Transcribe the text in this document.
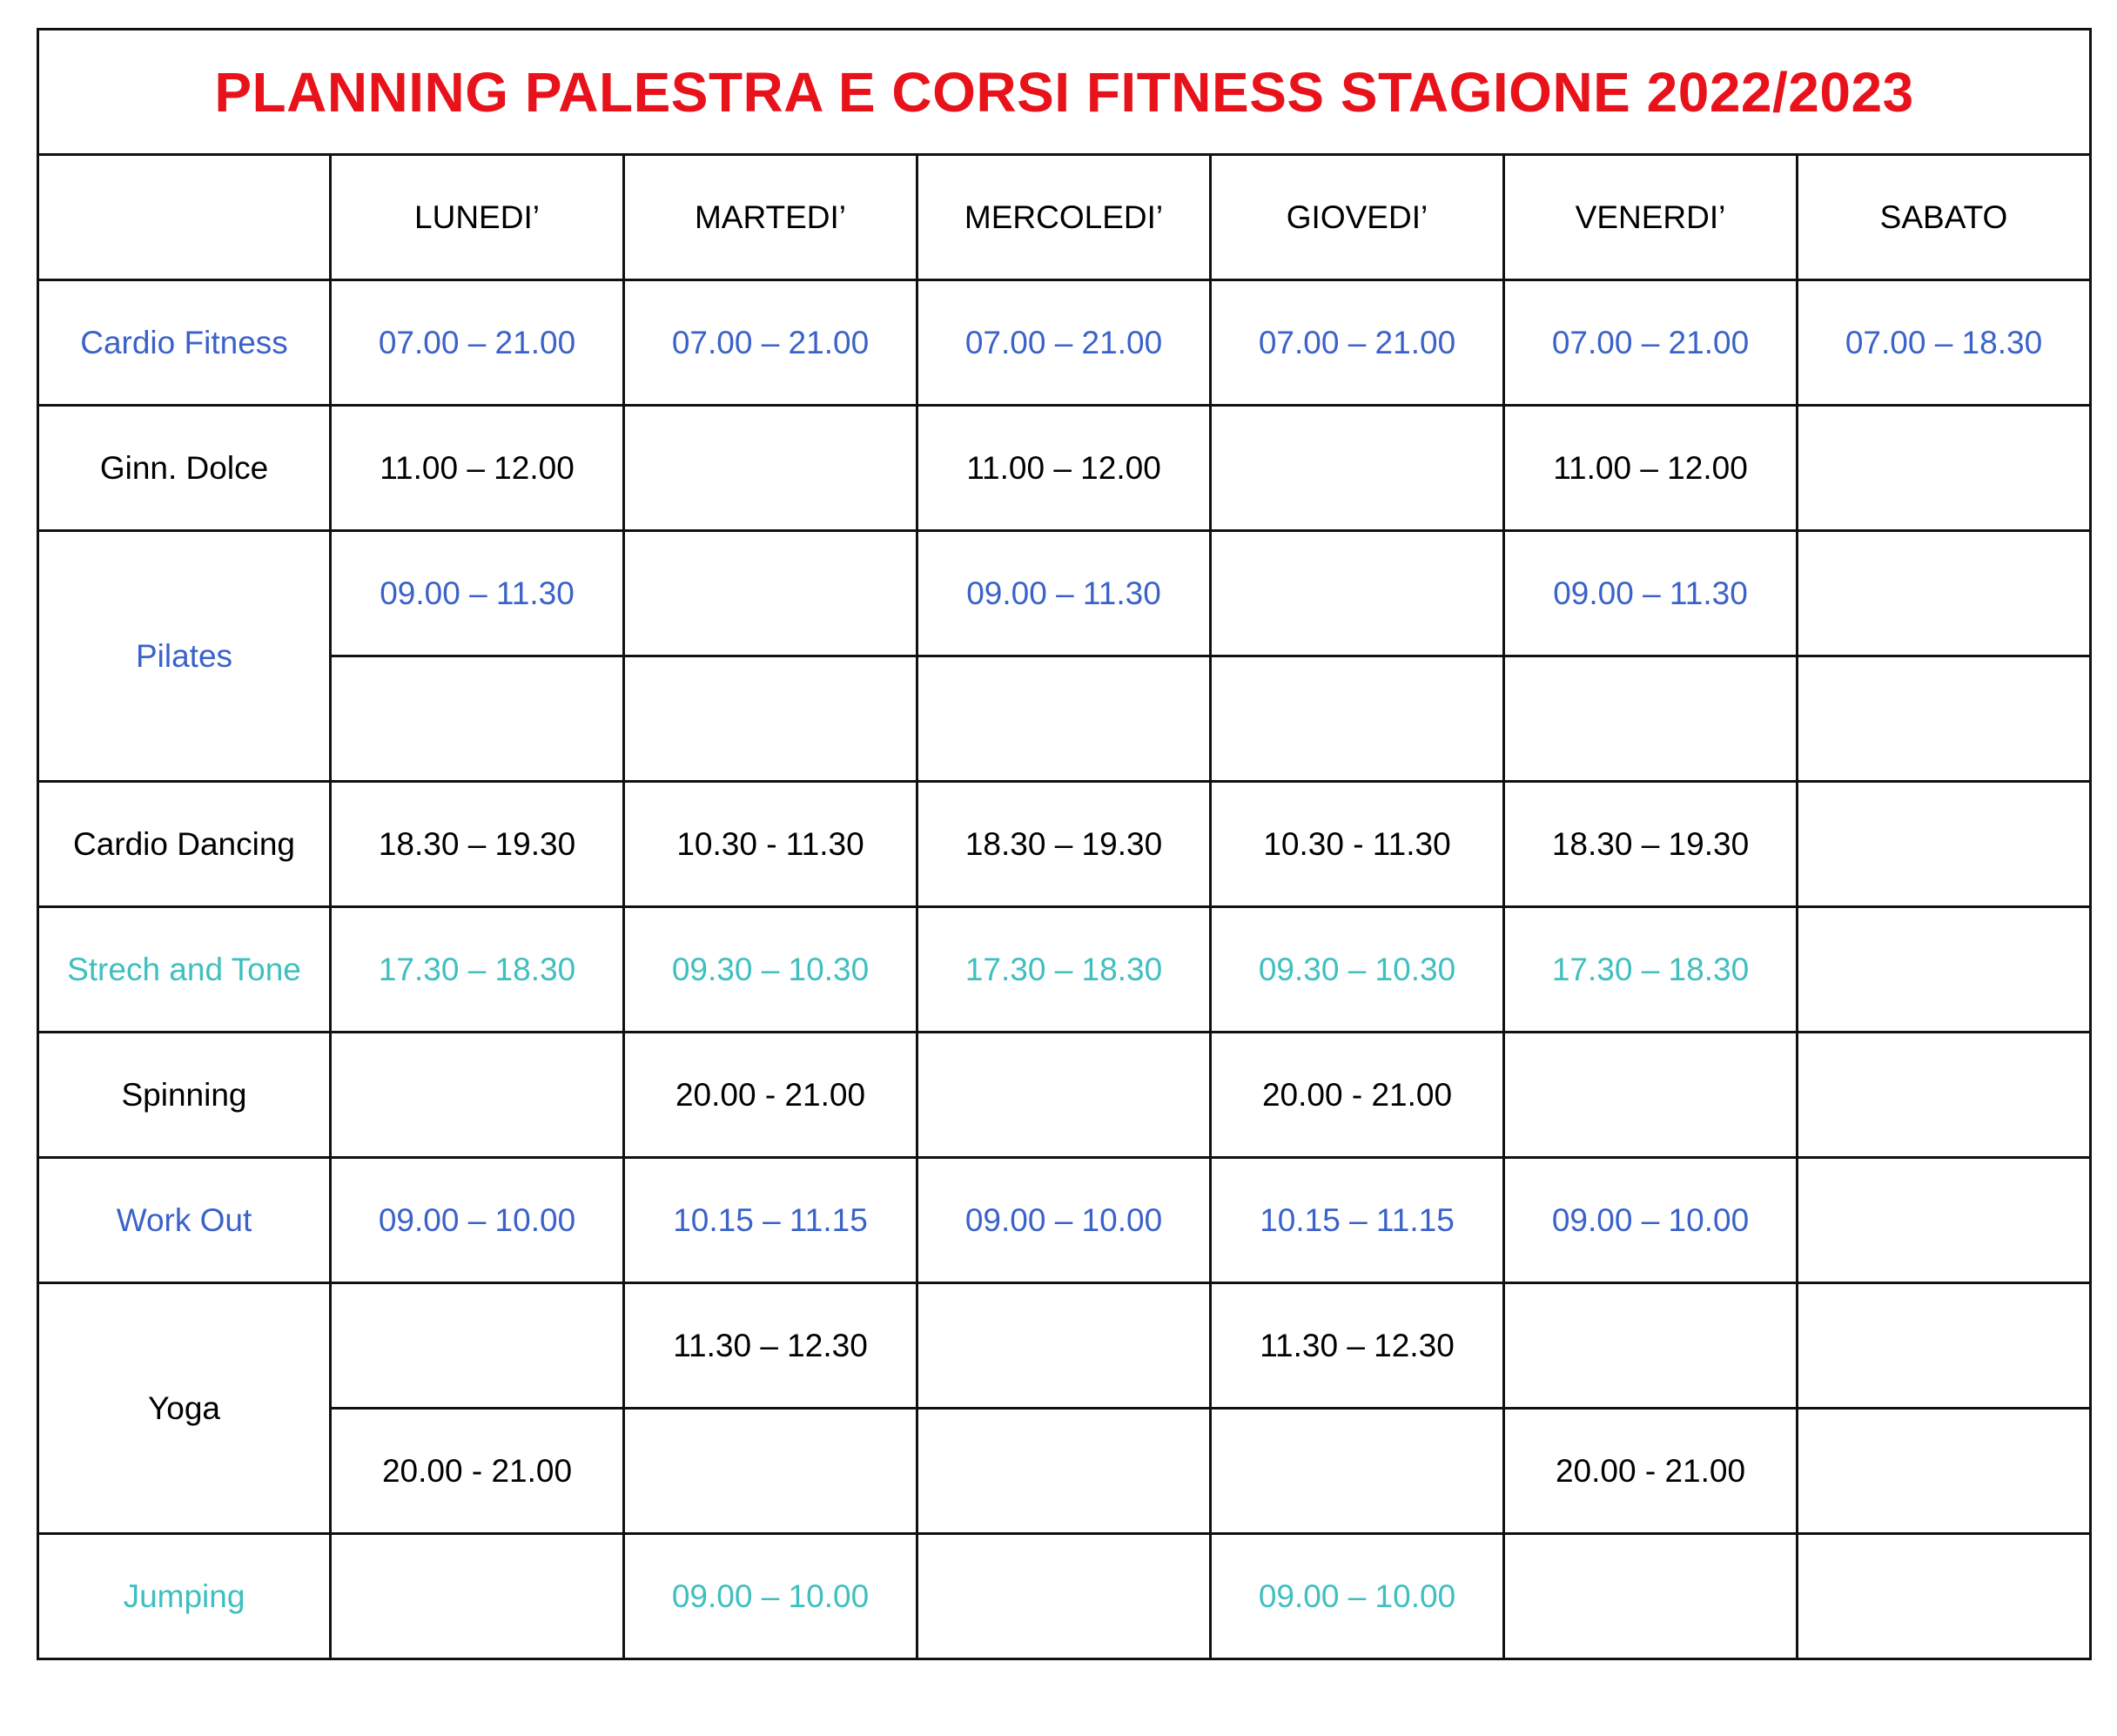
PLANNING PALESTRA E CORSI FITNESS STAGIONE 2022/2023						
	LUNEDI’	MARTEDI’	MERCOLEDI’	GIOVEDI’	VENERDI’	SABATO
Cardio Fitness	07.00 – 21.00	07.00 – 21.00	07.00 – 21.00	07.00 – 21.00	07.00 – 21.00	07.00 – 18.30
Ginn. Dolce	11.00 – 12.00		11.00 – 12.00		11.00 – 12.00	
Pilates	09.00 – 11.30		09.00 – 11.30		09.00 – 11.30	

Cardio Dancing	18.30 – 19.30	10.30 - 11.30	18.30 – 19.30	10.30 - 11.30	18.30 – 19.30	
Strech and Tone	17.30 – 18.30	09.30 – 10.30	17.30 – 18.30	09.30 – 10.30	17.30 – 18.30	
Spinning		20.00 - 21.00		20.00 - 21.00		
Work Out	09.00 – 10.00	10.15 – 11.15	09.00 – 10.00	10.15 – 11.15	09.00 – 10.00	
Yoga		11.30 – 12.30		11.30 – 12.30		
	20.00 - 21.00				20.00 - 21.00	
Jumping		09.00 – 10.00		09.00 – 10.00		
